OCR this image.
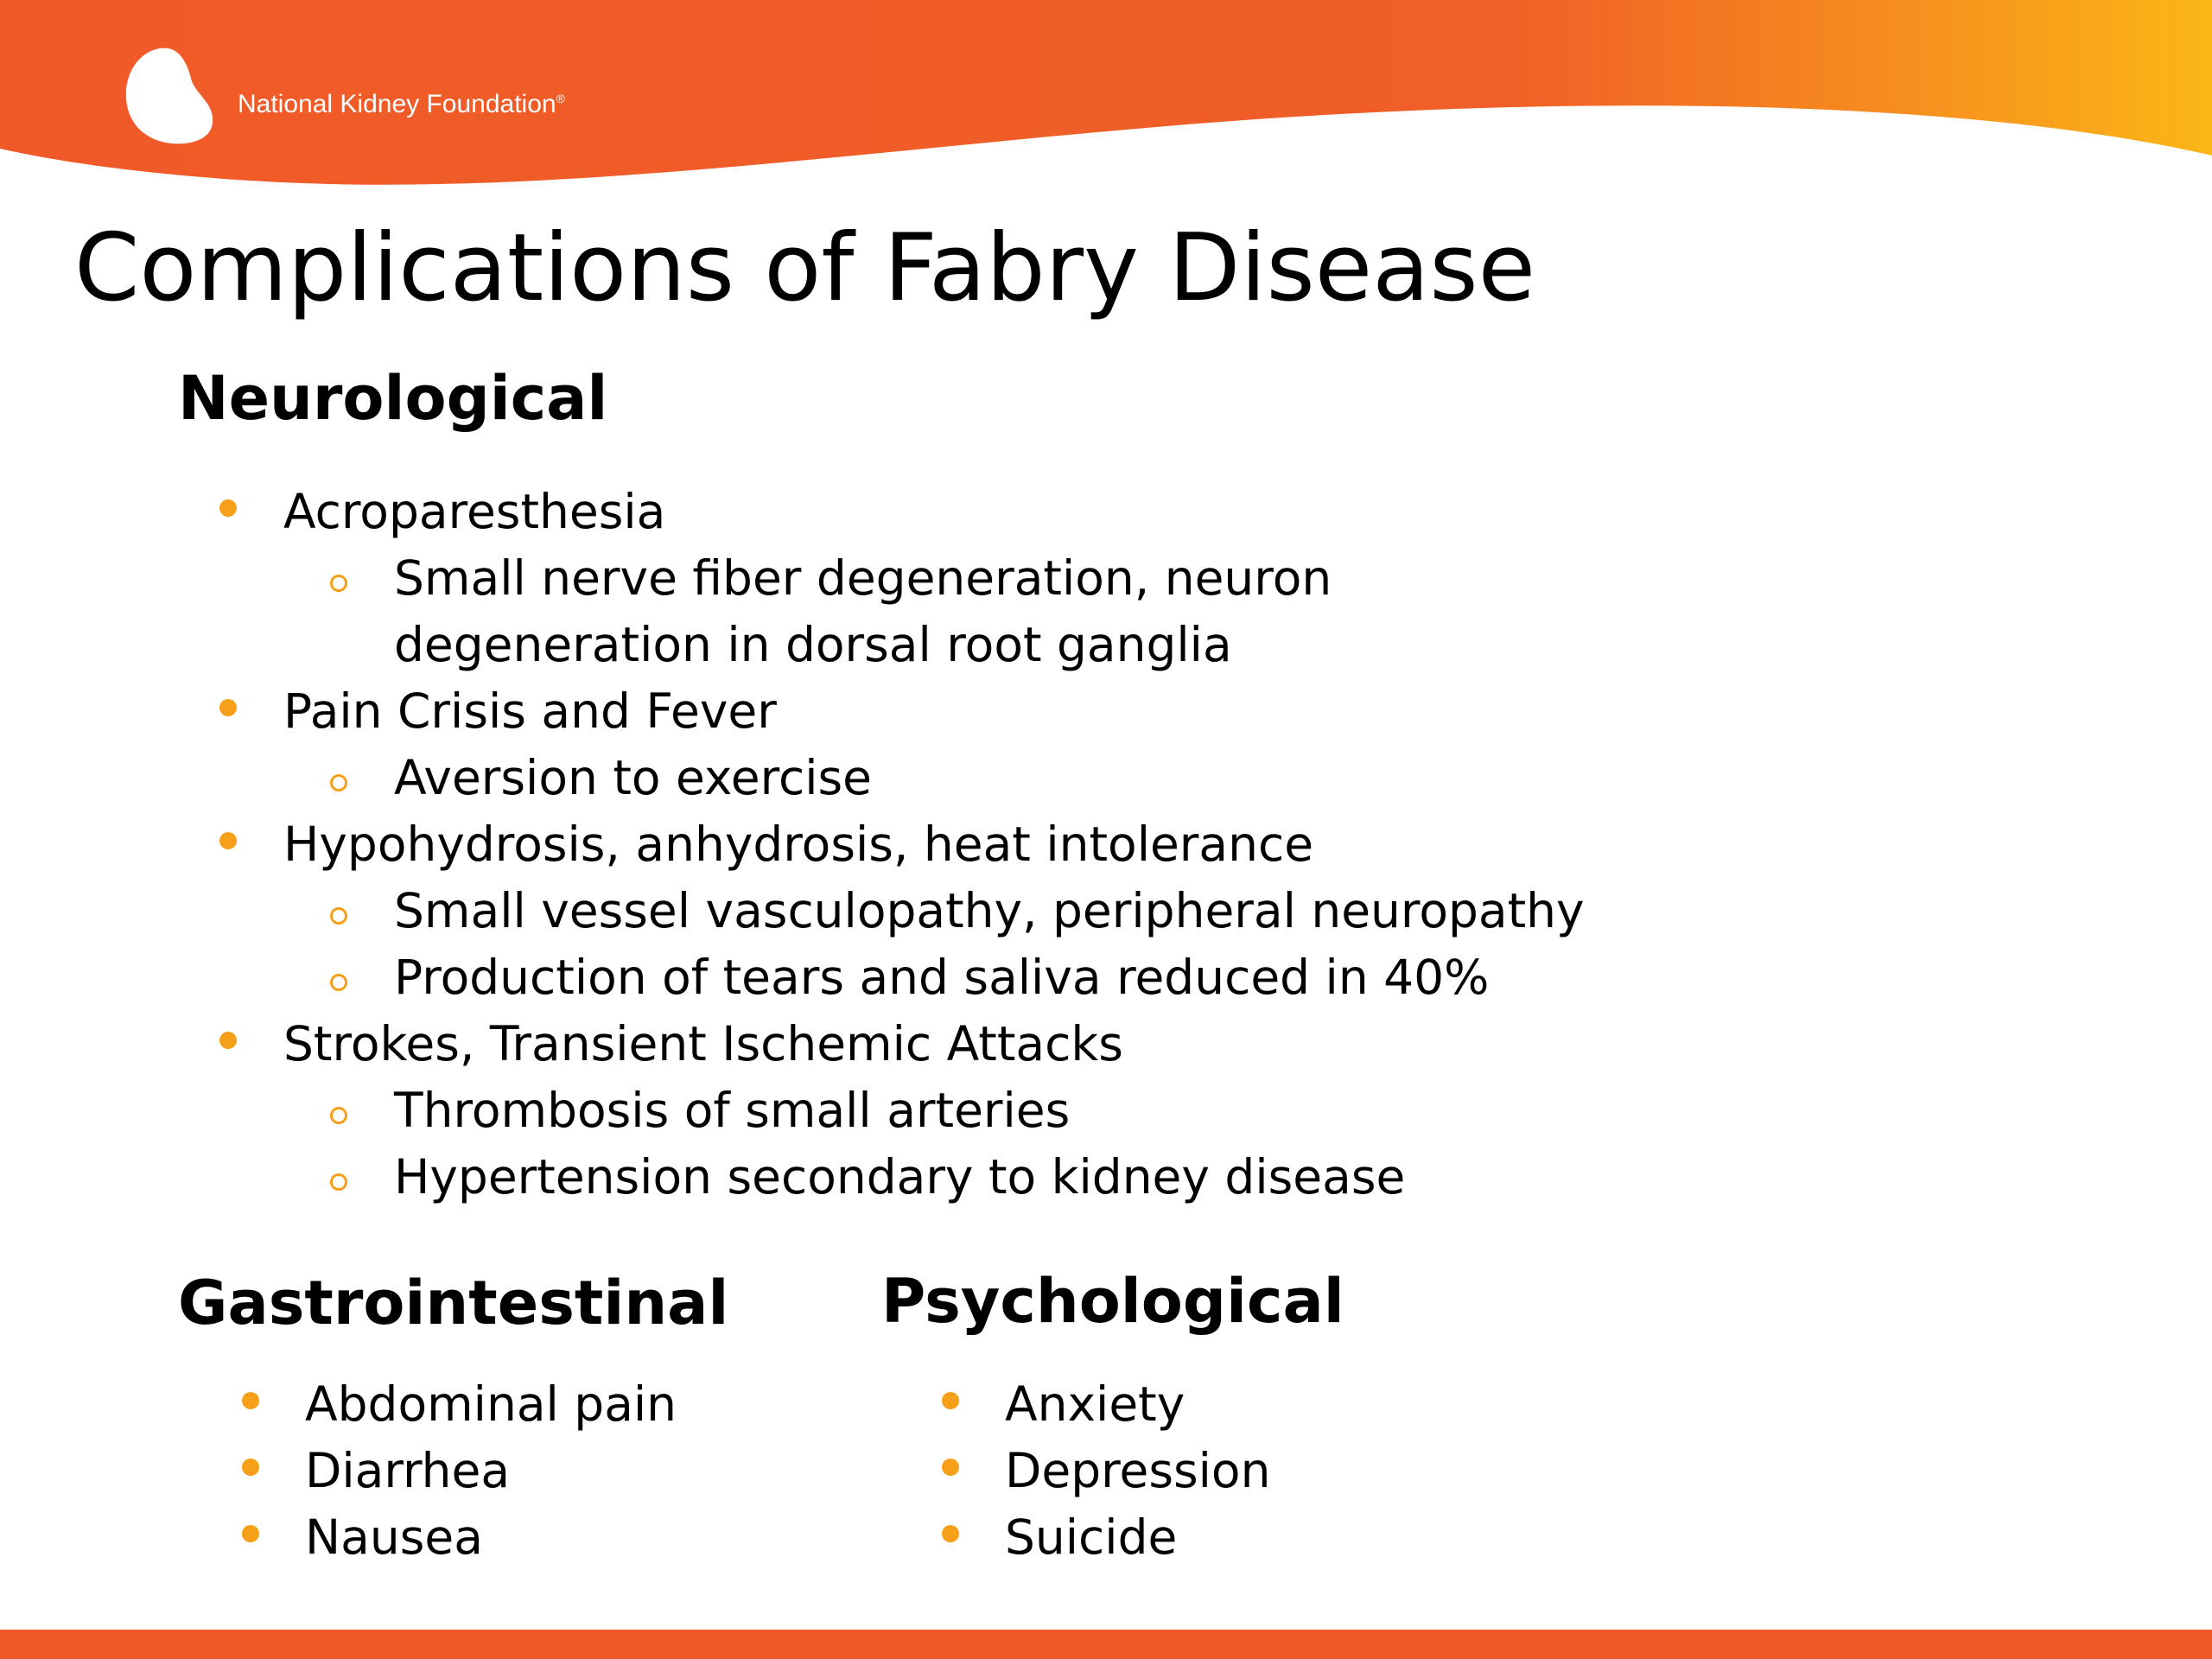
National Kidney Foundation®
Complications of Fabry Disease
Neurological
Acroparesthesia
Small nerve fiber degeneration, neuron
degeneration in dorsal root ganglia
Pain Crisis and Fever
Aversion to exercise
Hypohydrosis, anhydrosis, heat intolerance
Small vessel vasculopathy, peripheral neuropathy
Production of tears and saliva reduced in 40%
Strokes, Transient Ischemic Attacks
Thrombosis of small arteries
Hypertension secondary to kidney disease
Gastrointestinal
Abdominal pain
Diarrhea
Nausea
Psychological
Anxiety
Depression
Suicide
